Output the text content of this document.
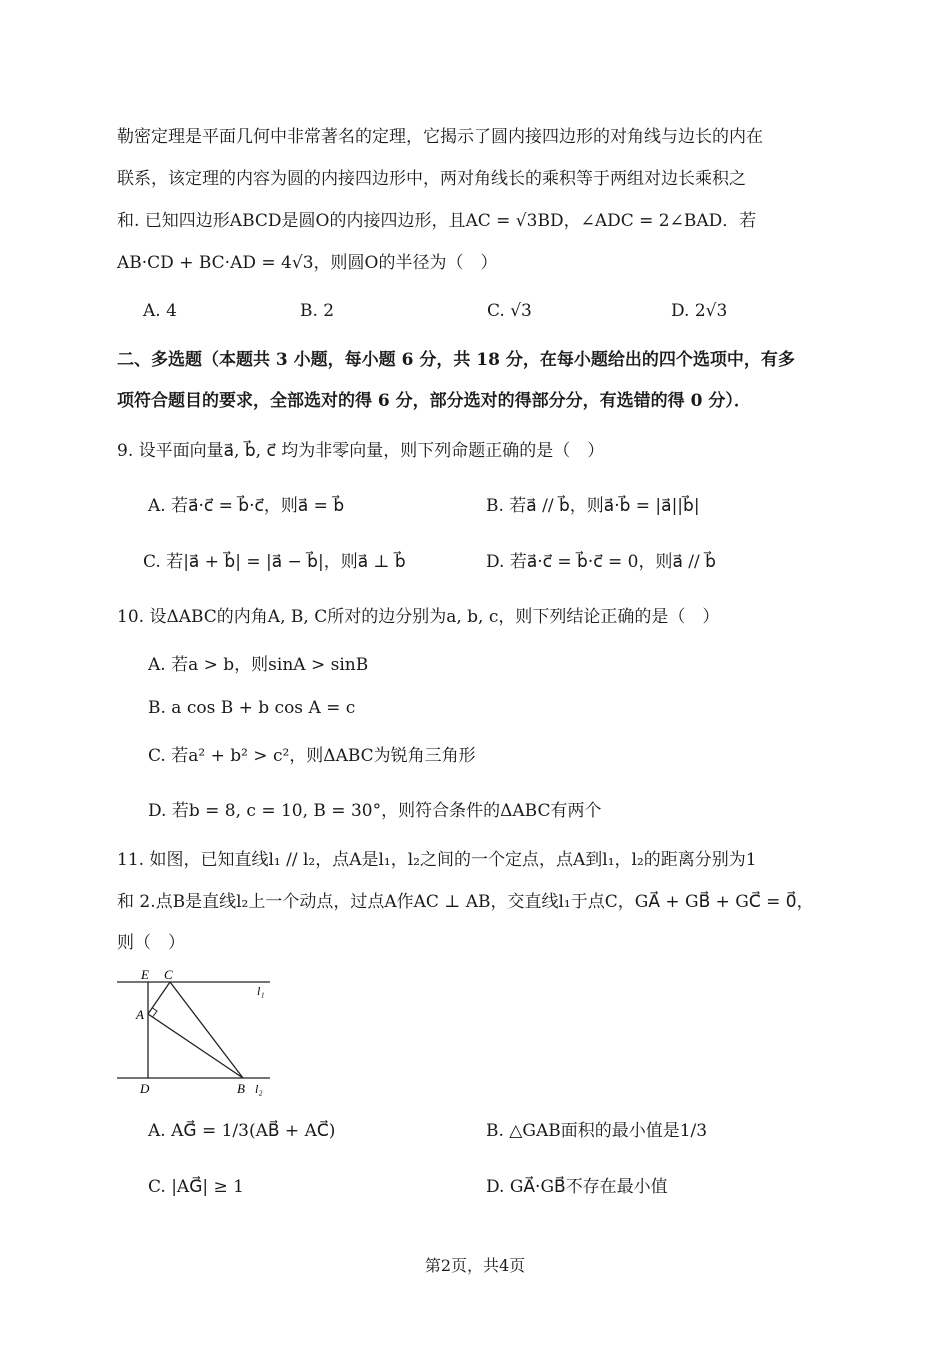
勒密定理是平面几何中非常著名的定理，它揭示了圆内接四边形的对角线与边长的内在
联系，该定理的内容为圆的内接四边形中，两对角线长的乘积等于两组对边长乘积之
和. 已知四边形ABCD是圆O的内接四边形，且AC = √3BD，∠ADC = 2∠BAD．若
AB·CD + BC·AD = 4√3，则圆O的半径为（　）
A. 4	B. 2	C. √3	D. 2√3
二、多选题（本题共 3 小题，每小题 6 分，共 18 分，在每小题给出的四个选项中，有多
项符合题目的要求，全部选对的得 6 分，部分选对的得部分分，有选错的得 0 分）．
9. 设平面向量a⃗, b⃗, c⃗ 均为非零向量，则下列命题正确的是（　）
A. 若a⃗·c⃗ = b⃗·c⃗，则a⃗ = b⃗	B. 若a⃗ // b⃗，则a⃗·b⃗ = |a⃗||b⃗|
C. 若|a⃗ + b⃗| = |a⃗ − b⃗|，则a⃗ ⊥ b⃗	D. 若a⃗·c⃗ = b⃗·c⃗ = 0，则a⃗ // b⃗
10. 设ΔABC的内角A, B, C所对的边分别为a, b, c，则下列结论正确的是（　）
A. 若a > b，则sinA > sinB
B. a cos B + b cos A = c
C. 若a² + b² > c²，则ΔABC为锐角三角形
D. 若b = 8, c = 10, B = 30°，则符合条件的ΔABC有两个
11. 如图，已知直线l₁ // l₂，点A是l₁，l₂之间的一个定点，点A到l₁，l₂的距离分别为1
和 2.点B是直线l₂上一个动点，过点A作AC ⊥ AB，交直线l₁于点C，GA⃗ + GB⃗ + GC⃗ = 0⃗，
则（　）
E C
l₁
A
D	B l₂
A. AG⃗ = 1/3(AB⃗ + AC⃗)	B. △GAB面积的最小值是1/3
C. |AG⃗| ≥ 1	D. GA⃗·GB⃗不存在最小值
第2页，共4页
